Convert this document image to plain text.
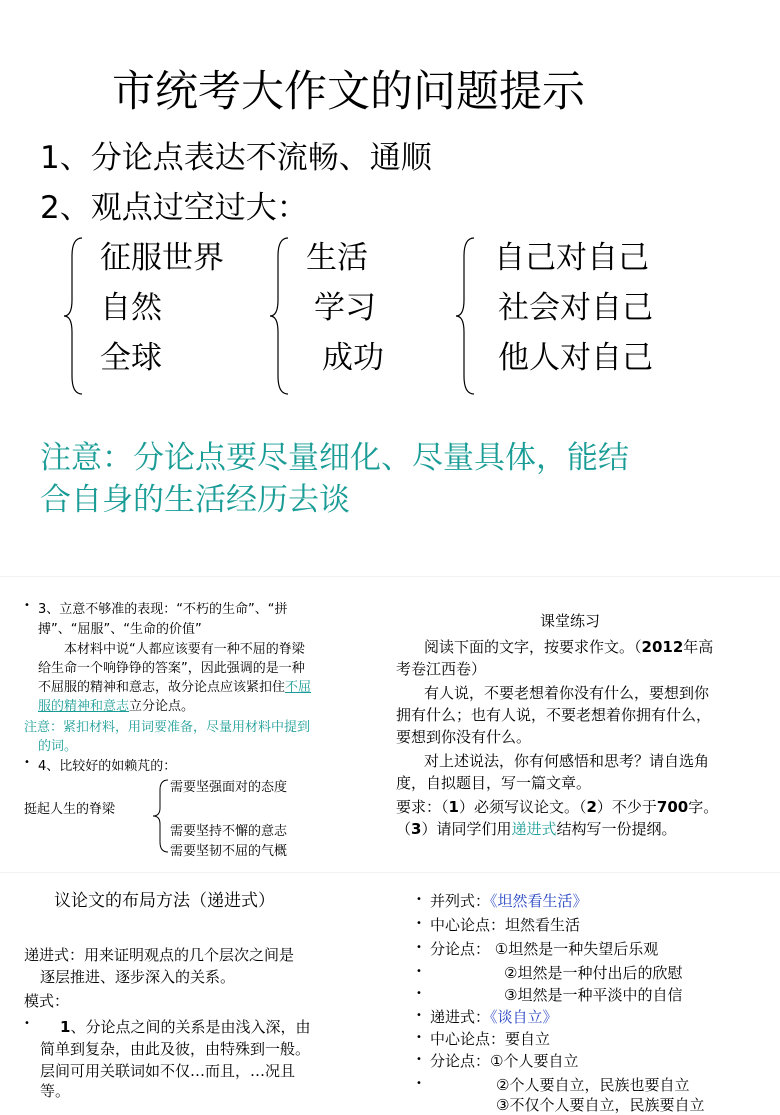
市统考大作文的问题提示
1、分论点表达不流畅、通顺
2、观点过空过大：
征服世界
自然
全球
生活
学习
成功
自己对自己
社会对自己
他人对自己
注意：分论点要尽量细化、尽量具体，能结
合自身的生活经历去谈
• 3、立意不够准的表现：“不朽的生命”、“拼
搏”、“屈服”、“生命的价值”
本材料中说“人都应该要有一种不屈的脊梁
给生命一个响铮铮的答案”，因此强调的是一种
不屈服的精神和意志，故分论点应该紧扣住不屈
服的精神和意志立分论点。
注意：紧扣材料，用词要准备，尽量用材料中提到
的词。
• 4、比较好的如赖芃的：
挺起人生的脊梁
需要坚强面对的态度
需要坚持不懈的意志
需要坚韧不屈的气概
课堂练习
阅读下面的文字，按要求作文。（2012年高
考卷江西卷）
有人说，不要老想着你没有什么，要想到你
拥有什么；也有人说，不要老想着你拥有什么，
要想到你没有什么。
对上述说法，你有何感悟和思考？请自选角
度，自拟题目，写一篇文章。
要求：（1）必须写议论文。（2）不少于700字。
（3）请同学们用递进式结构写一份提纲。
议论文的布局方法（递进式）
递进式：用来证明观点的几个层次之间是
逐层推进、逐步深入的关系。
模式：
• 1、分论点之间的关系是由浅入深，由
简单到复杂，由此及彼，由特殊到一般。
层间可用关联词如不仅…而且，…况且
等。
• 并列式：《坦然看生活》
• 中心论点：坦然看生活
• 分论点： ①坦然是一种失望后乐观
•	②坦然是一种付出后的欣慰
•	③坦然是一种平淡中的自信
• 递进式：《谈自立》
• 中心论点：要自立
• 分论点：①个人要自立
•	②个人要自立，民族也要自立
③不仅个人要自立，民族要自立
